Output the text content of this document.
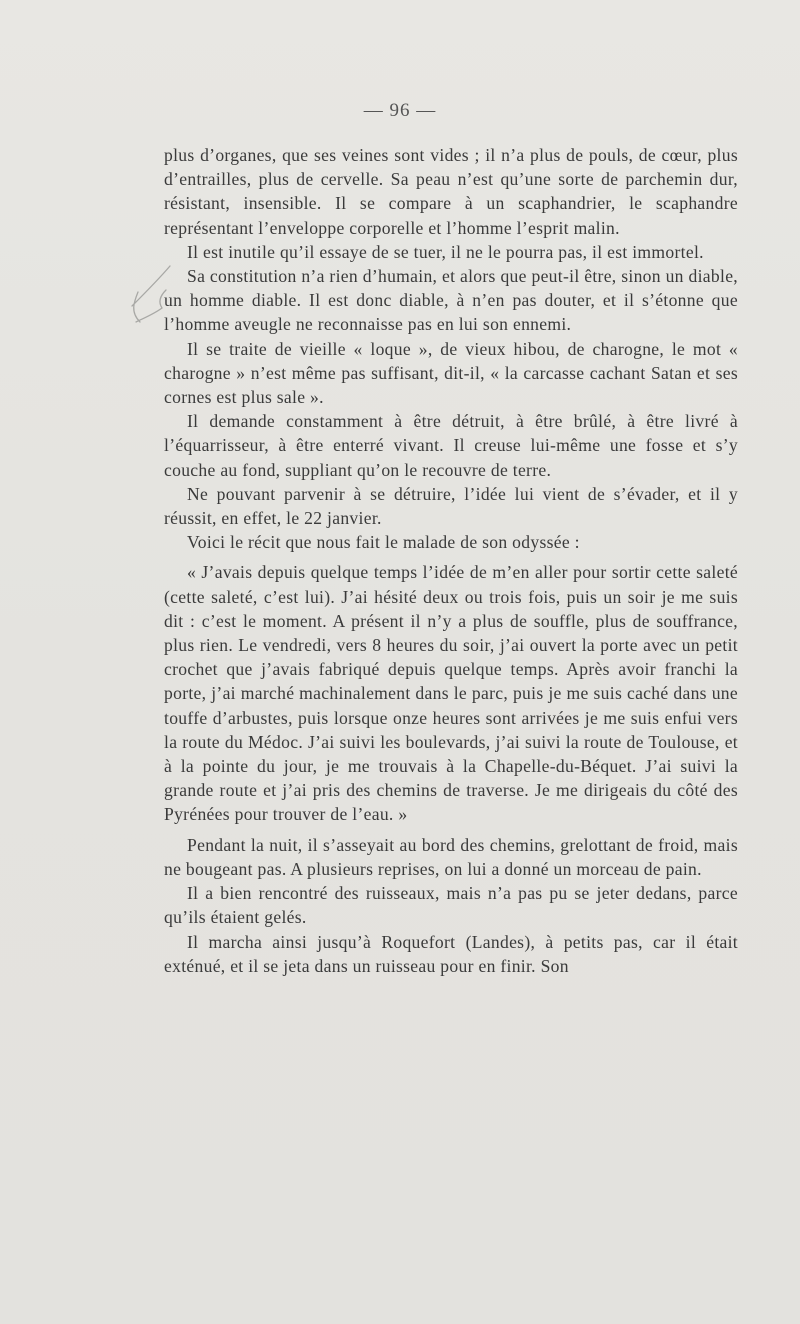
— 96 —

plus d’organes, que ses veines sont vides ; il n’a plus de pouls, de cœur, plus d’entrailles, plus de cervelle. Sa peau n’est qu’une sorte de parchemin dur, résistant, insensible. Il se compare à un scaphandrier, le scaphandre représentant l’enveloppe corporelle et l’homme l’esprit malin.

Il est inutile qu’il essaye de se tuer, il ne le pourra pas, il est immortel.

Sa constitution n’a rien d’humain, et alors que peut-il être, sinon un diable, un homme diable. Il est donc diable, à n’en pas douter, et il s’étonne que l’homme aveugle ne reconnaisse pas en lui son ennemi.

Il se traite de vieille « loque », de vieux hibou, de charogne, le mot « charogne » n’est même pas suffisant, dit-il, « la carcasse cachant Satan et ses cornes est plus sale ».

Il demande constamment à être détruit, à être brûlé, à être livré à l’équarrisseur, à être enterré vivant. Il creuse lui-même une fosse et s’y couche au fond, suppliant qu’on le recouvre de terre.

Ne pouvant parvenir à se détruire, l’idée lui vient de s’évader, et il y réussit, en effet, le 22 janvier.

Voici le récit que nous fait le malade de son odyssée :

« J’avais depuis quelque temps l’idée de m’en aller pour sortir cette saleté (cette saleté, c’est lui). J’ai hésité deux ou trois fois, puis un soir je me suis dit : c’est le moment. A présent il n’y a plus de souffle, plus de souffrance, plus rien. Le vendredi, vers 8 heures du soir, j’ai ouvert la porte avec un petit crochet que j’avais fabriqué depuis quelque temps. Après avoir franchi la porte, j’ai marché machinalement dans le parc, puis je me suis caché dans une touffe d’arbustes, puis lorsque onze heures sont arrivées je me suis enfui vers la route du Médoc. J’ai suivi les boulevards, j’ai suivi la route de Toulouse, et à la pointe du jour, je me trouvais à la Chapelle-du-Béquet. J’ai suivi la grande route et j’ai pris des chemins de traverse. Je me dirigeais du côté des Pyrénées pour trouver de l’eau. »

Pendant la nuit, il s’asseyait au bord des chemins, grelottant de froid, mais ne bougeant pas. A plusieurs reprises, on lui a donné un morceau de pain.

Il a bien rencontré des ruisseaux, mais n’a pas pu se jeter dedans, parce qu’ils étaient gelés.

Il marcha ainsi jusqu’à Roquefort (Landes), à petits pas, car il était exténué, et il se jeta dans un ruisseau pour en finir. Son
